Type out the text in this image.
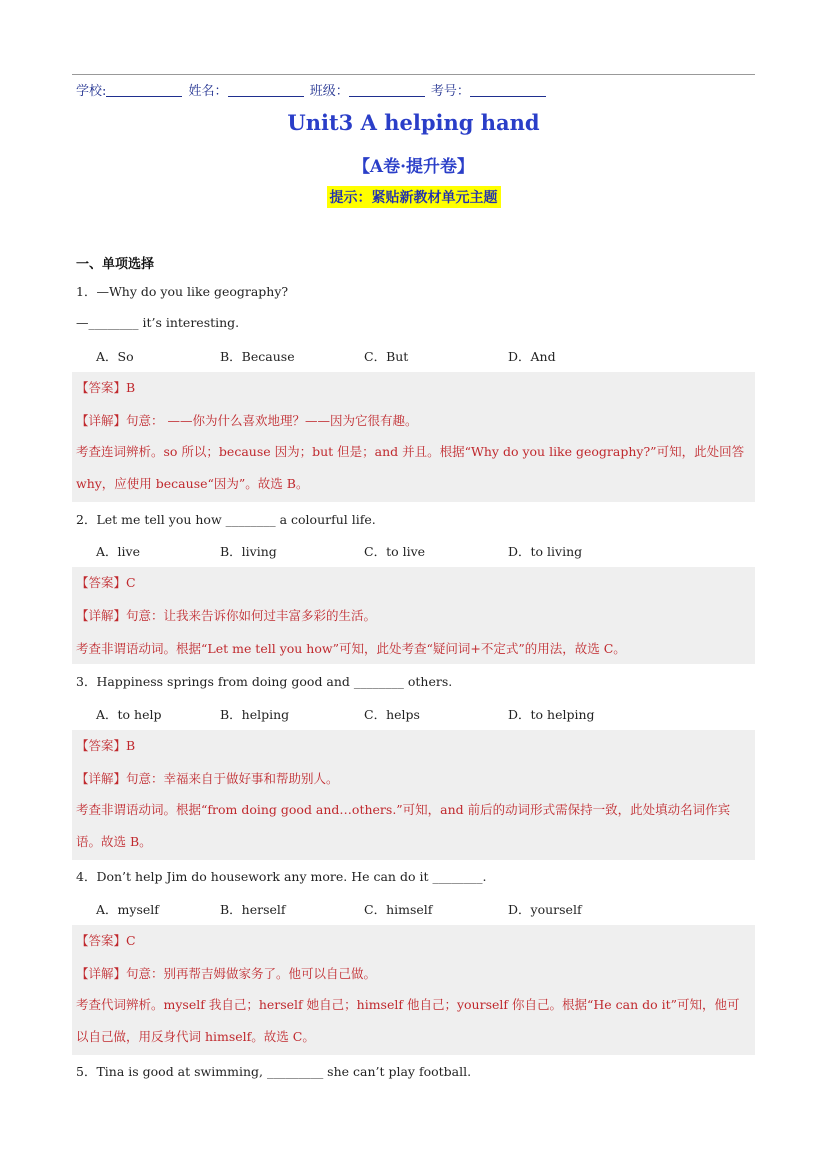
学校:	姓名：	班级：	考号：
Unit3 A helping hand
【A卷·提升卷】
提示：紧贴新教材单元主题
一、单项选择
1．—Why do you like geography?
—________ it’s interesting.
A．So	B．Because	C．But	D．And
【答案】B
【详解】句意： ——你为什么喜欢地理？——因为它很有趣。
考查连词辨析。so 所以；because 因为；but 但是；and 并且。根据“Why do you like geography?”可知，此处回答 why，应使用 because“因为”。故选 B。
2．Let me tell you how ________ a colourful life.
A．live	B．living	C．to live	D．to living
【答案】C
【详解】句意：让我来告诉你如何过丰富多彩的生活。
考查非谓语动词。根据“Let me tell you how”可知，此处考查“疑问词+不定式”的用法，故选 C。
3．Happiness springs from doing good and ________ others.
A．to help	B．helping	C．helps	D．to helping
【答案】B
【详解】句意：幸福来自于做好事和帮助别人。
考查非谓语动词。根据“from doing good and…others.”可知，and 前后的动词形式需保持一致，此处填动名词作宾语。故选 B。
4．Don’t help Jim do housework any more. He can do it ________.
A．myself	B．herself	C．himself	D．yourself
【答案】C
【详解】句意：别再帮吉姆做家务了。他可以自己做。
考查代词辨析。myself 我自己；herself 她自己；himself 他自己；yourself 你自己。根据“He can do it”可知，他可以自己做，用反身代词 himself。故选 C。
5．Tina is good at swimming, _________ she can’t play football.
